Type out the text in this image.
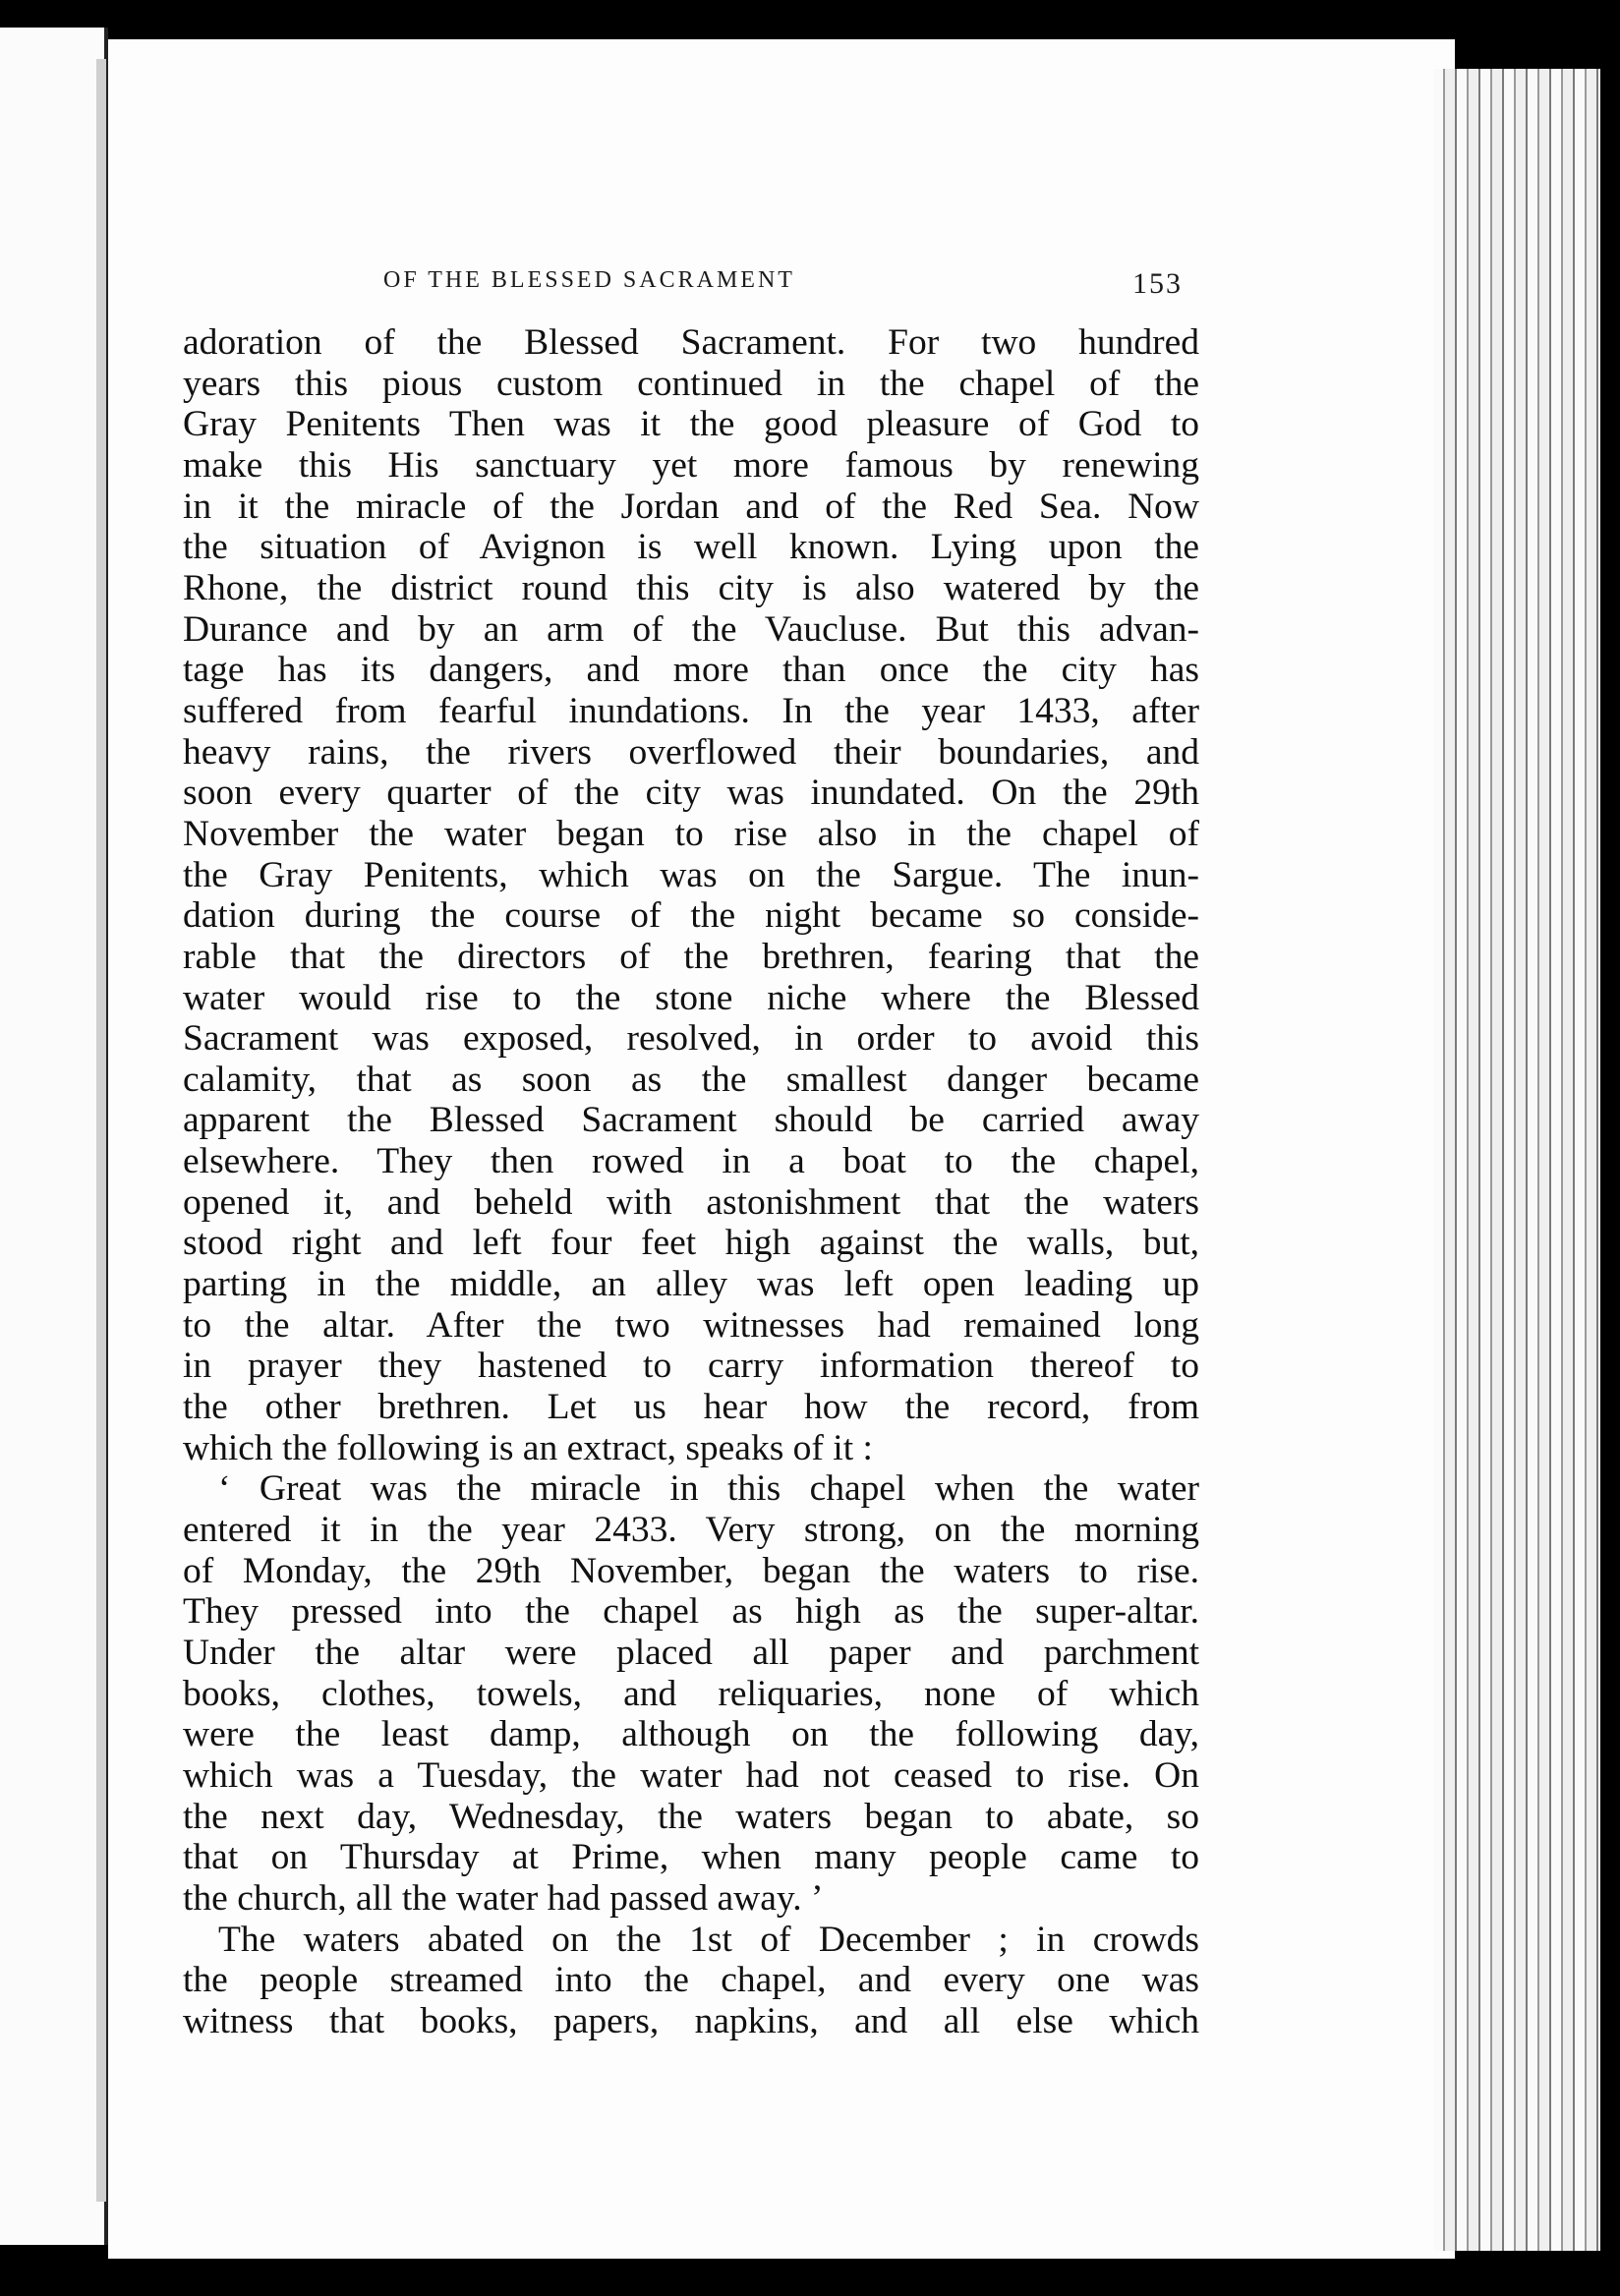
OF THE BLESSED SACRAMENT	153
adoration of the Blessed Sacrament. For two hundred
years this pious custom continued in the chapel of the
Gray Penitents Then was it the good pleasure of God to
make this His sanctuary yet more famous by renewing
in it the miracle of the Jordan and of the Red Sea. Now
the situation of Avignon is well known. Lying upon the
Rhone, the district round this city is also watered by the
Durance and by an arm of the Vaucluse. But this advan-
tage has its dangers, and more than once the city has
suffered from fearful inundations. In the year 1433, after
heavy rains, the rivers overflowed their boundaries, and
soon every quarter of the city was inundated. On the 29th
November the water began to rise also in the chapel of
the Gray Penitents, which was on the Sargue. The inun-
dation during the course of the night became so conside-
rable that the directors of the brethren, fearing that the
water would rise to the stone niche where the Blessed
Sacrament was exposed, resolved, in order to avoid this
calamity, that as soon as the smallest danger became
apparent the Blessed Sacrament should be carried away
elsewhere. They then rowed in a boat to the chapel,
opened it, and beheld with astonishment that the waters
stood right and left four feet high against the walls, but,
parting in the middle, an alley was left open leading up
to the altar. After the two witnesses had remained long
in prayer they hastened to carry information thereof to
the other brethren. Let us hear how the record, from
which the following is an extract, speaks of it :
‘ Great was the miracle in this chapel when the water
entered it in the year 2433. Very strong, on the morning
of Monday, the 29th November, began the waters to rise.
They pressed into the chapel as high as the super-altar.
Under the altar were placed all paper and parchment
books, clothes, towels, and reliquaries, none of which
were the least damp, although on the following day,
which was a Tuesday, the water had not ceased to rise. On
the next day, Wednesday, the waters began to abate, so
that on Thursday at Prime, when many people came to
the church, all the water had passed away. ’
The waters abated on the 1st of December ; in crowds
the people streamed into the chapel, and every one was
witness that books, papers, napkins, and all else which
